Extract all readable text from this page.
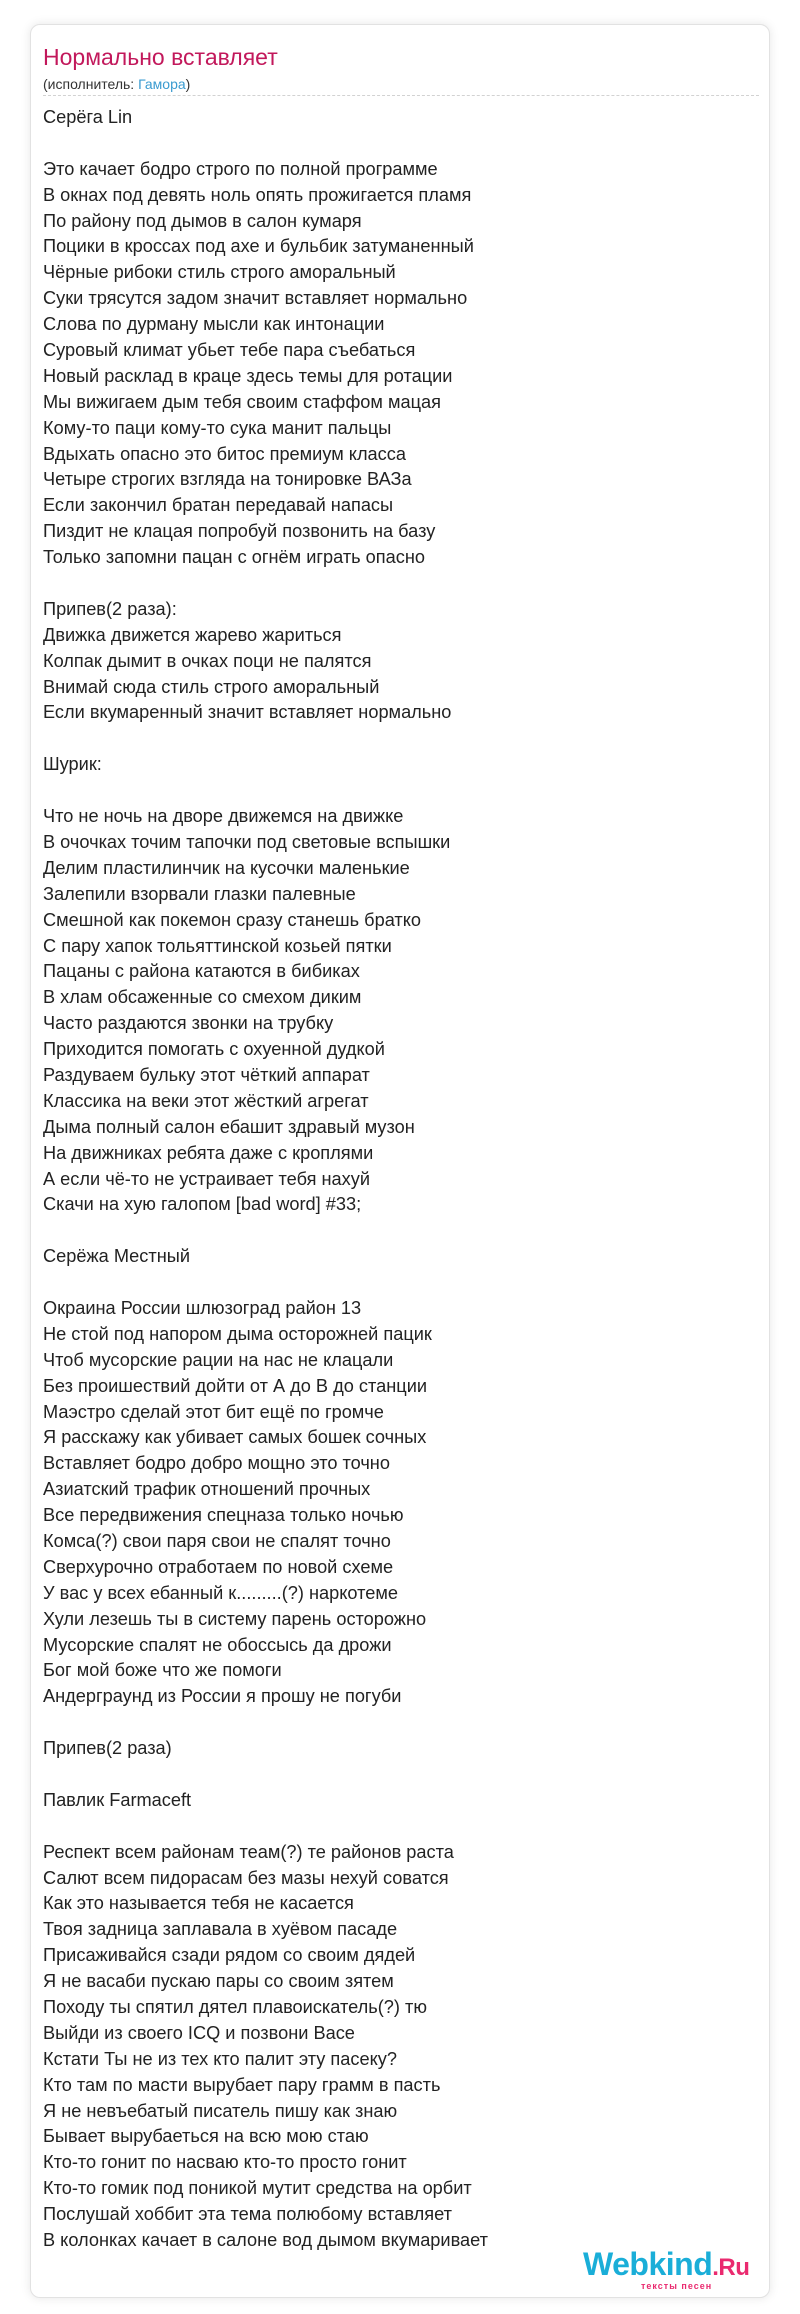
Нормально вставляет
(исполнитель: Гамора)
Серёга Lin
Это качает бодро строго по полной программе
В окнах под девять ноль опять прожигается пламя
По району под дымов в салон кумаря
Поцики в кроссах под ахе и бульбик затуманенный
Чёрные рибоки стиль строго аморальный
Суки трясутся задом значит вставляет нормально
Слова по дурману мысли как интонации
Суровый климат убьет тебе пара съебаться
Новый расклад в краце здесь темы для ротации
Мы вижигаем дым тебя своим стаффом мацая
Кому-то паци кому-то сука манит пальцы
Вдыхать опасно это битос премиум класса
Четыре строгих взгляда на тонировке ВАЗа
Если закончил братан передавай напасы
Пиздит не клацая попробуй позвонить на базу
Только запомни пацан с огнём играть опасно
Припев(2 раза):
Движка движется жарево жариться
Колпак дымит в очках поци не палятся
Внимай сюда стиль строго аморальный
Если вкумаренный значит вставляет нормально
Шурик:
Что не ночь на дворе движемся на движке
В очочках точим тапочки под световые вспышки
Делим пластилинчик на кусочки маленькие
Залепили взорвали глазки палевные
Смешной как покемон сразу станешь братко
С пару хапок тольяттинской козьей пятки
Пацаны с района катаются в бибиках
В хлам обсаженные со смехом диким
Часто раздаются звонки на трубку
Приходится помогать с охуенной дудкой
Раздуваем бульку этот чёткий аппарат
Классика на веки этот жёсткий агрегат
Дыма полный салон ебашит здравый музон
На движниках ребята даже с кроплями
А если чё-то не устраивает тебя нахуй
Скачи на хую галопом [bad word] #33;
Серёжа Местный
Окраина России шлюзоград район 13
Не стой под напором дыма осторожней пацик
Чтоб мусорские рации на нас не клацали
Без проишествий дойти от А до В до станции
Маэстро сделай этот бит ещё по громче
Я расскажу как убивает самых бошек сочных
Вставляет бодро добро мощно это точно
Азиатский трафик отношений прочных
Все передвижения спецназа только ночью
Комса(?) свои паря свои не спалят точно
Сверхурочно отработаем по новой схеме
У вас у всех ебанный к.........(?) наркотеме
Хули лезешь ты в систему парень осторожно
Мусорские спалят не обоссысь да дрожи
Бог мой боже что же помоги
Андерграунд из России я прошу не погуби
Припев(2 раза)
Павлик Farmaceft
Респект всем районам теам(?) те районов раста
Салют всем пидорасам без мазы нехуй соватся
Как это называется тебя не касается
Твоя задница заплавала в хуёвом пасаде
Присаживайся сзади рядом со своим дядей
Я не васаби пускаю пары со своим зятем
Походу ты спятил дятел плавоискатель(?) тю
Выйди из своего ICQ и позвони Васе
Кстати Ты не из тех кто палит эту пасеку?
Кто там по масти вырубает пару грамм в пасть
Я не невъебатый писатель пишу как знаю
Бывает вырубаеться на всю мою стаю
Кто-то гонит по насваю кто-то просто гонит
Кто-то гомик под поникой мутит средства на орбит
Послушай хоббит эта тема полюбому вставляет
В колонках качает в салоне вод дымом вкумаривает
Webkind.Ru
тексты песен
